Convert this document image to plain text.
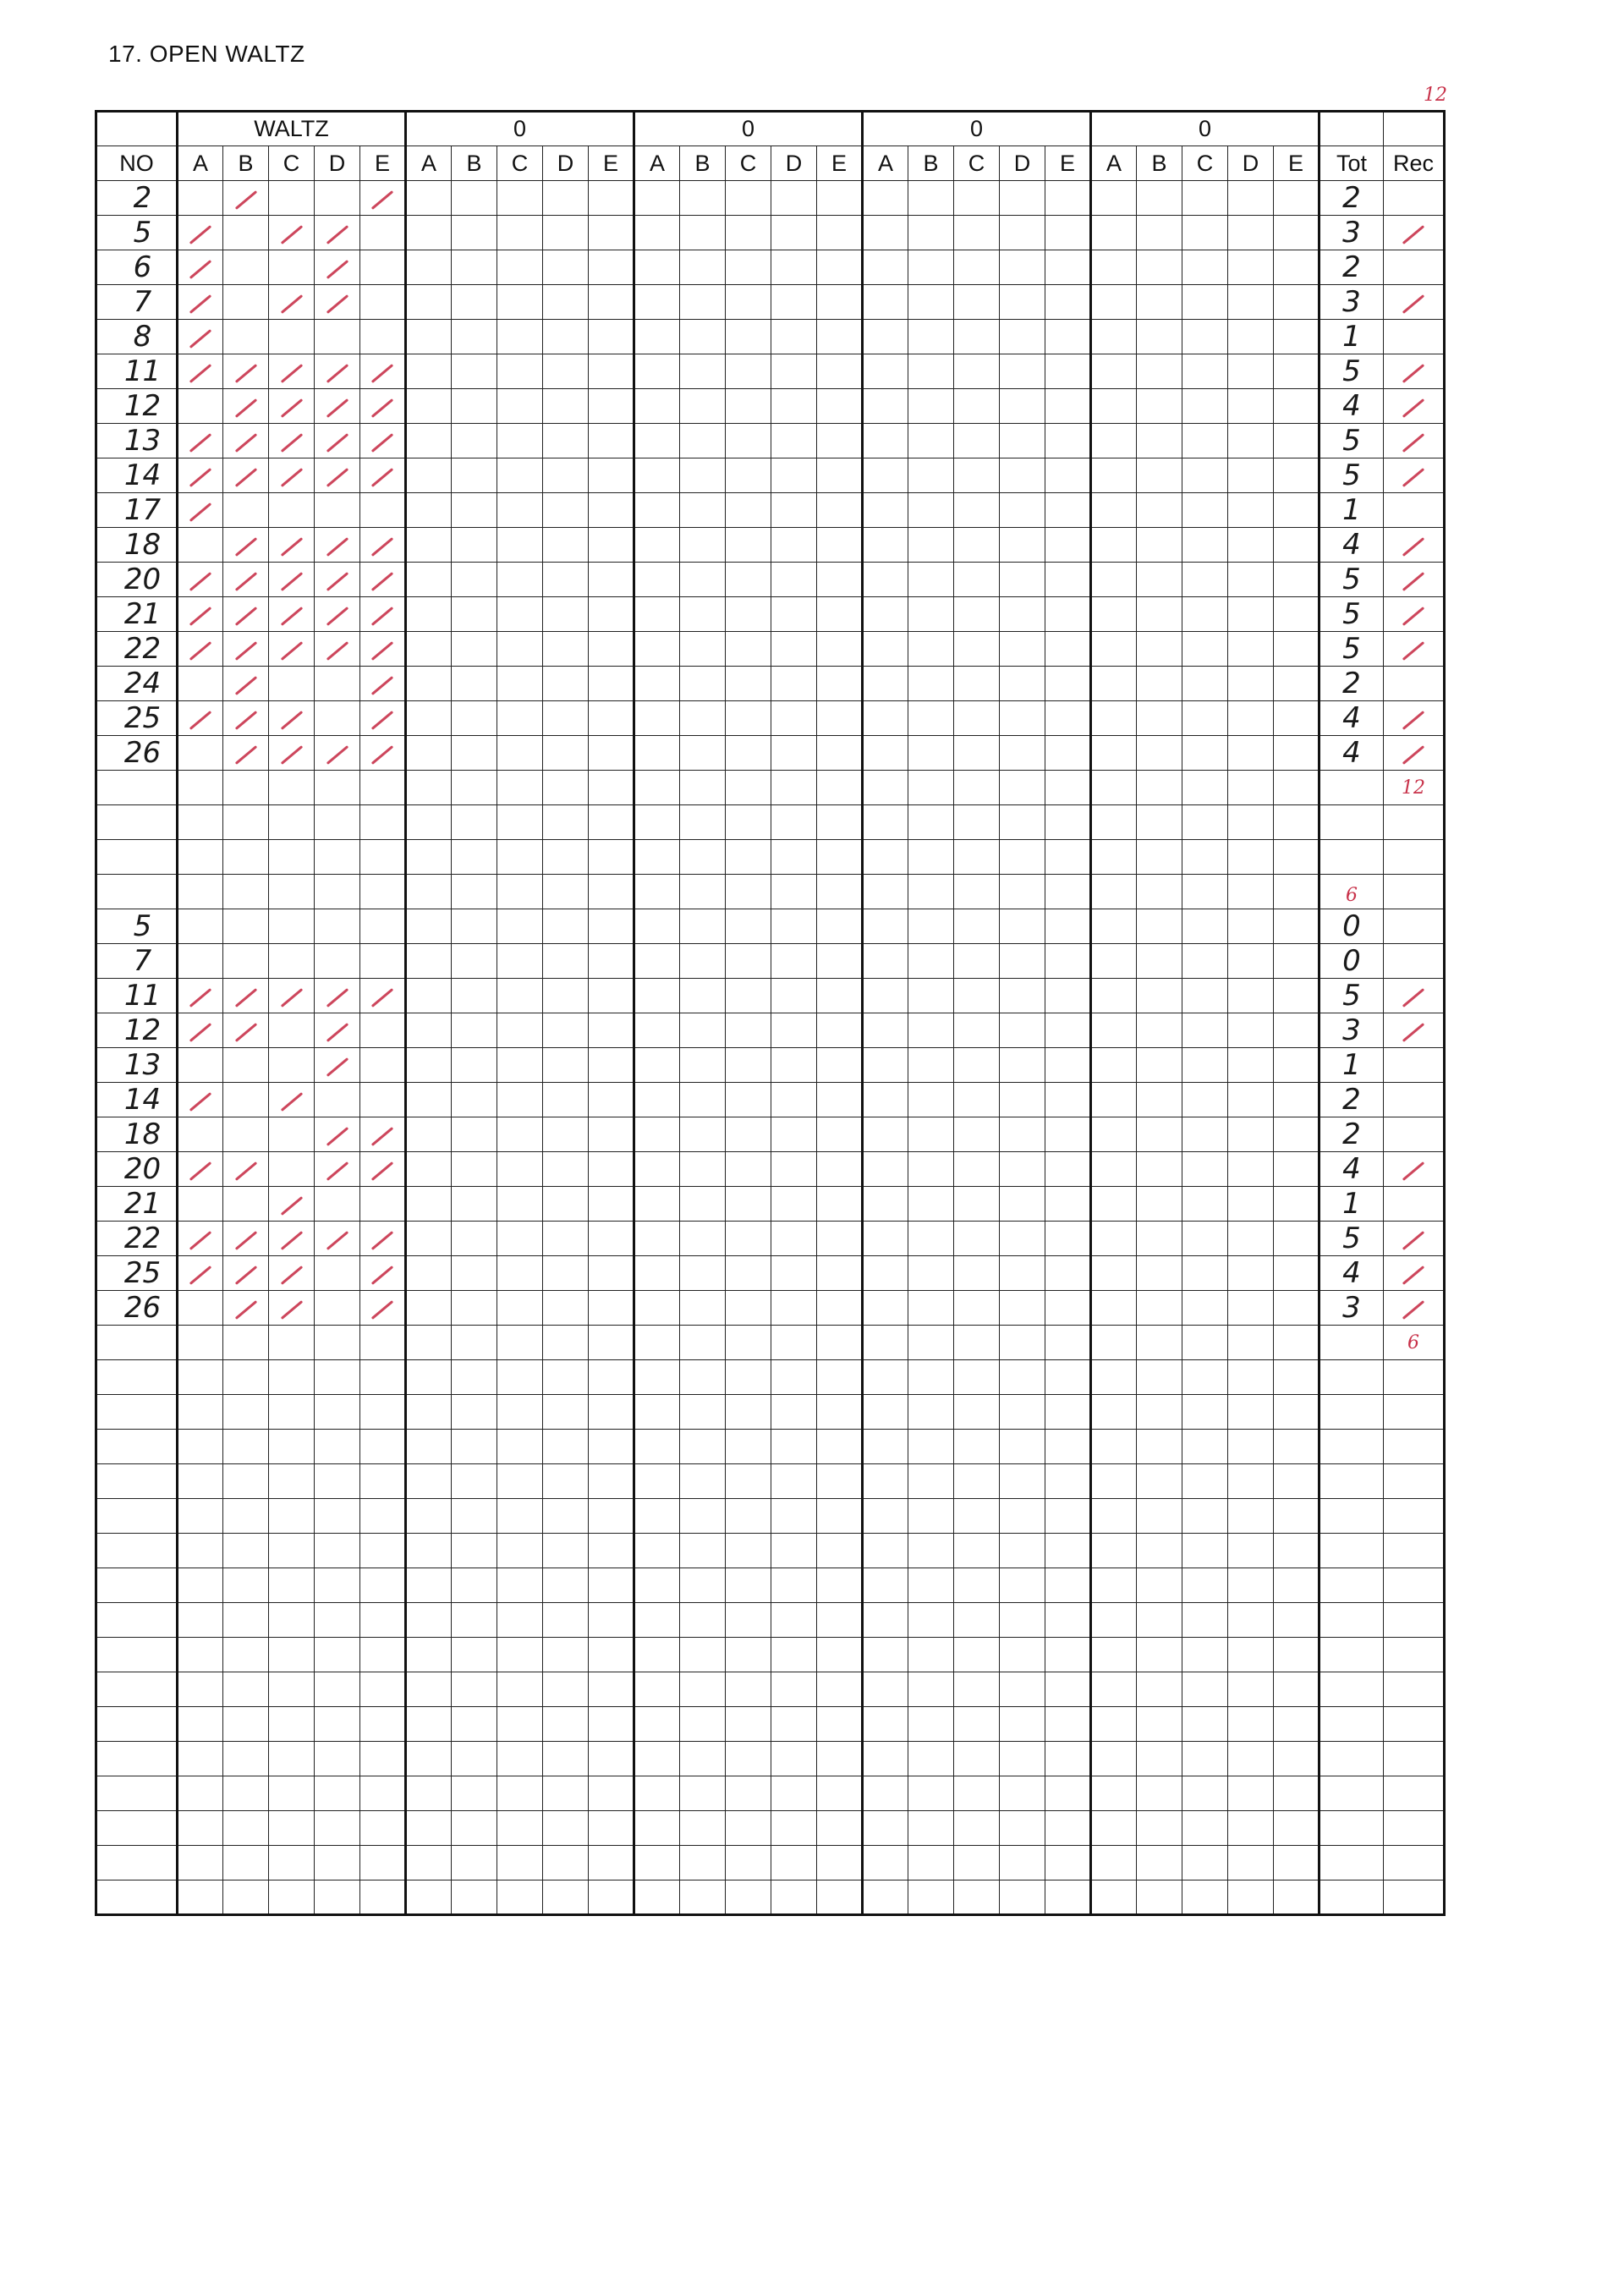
17. OPEN WALTZ
12
	WALTZ					0					0					0					0						
NO	A	B	C	D	E	A	B	C	D	E	A	B	C	D	E	A	B	C	D	E	A	B	C	D	E	Tot	Rec
2																										2	
5																										3	
6																										2	
7																										3	
8																										1	
11																										5	
12																										4	
13																										5	
14																										5	
17																										1	
18																										4	
20																										5	
21																										5	
22																										5	
24																										2	
25																										4	
26																										4	
																											12

																										6	
5																										0	
7																										0	
11																										5	
12																										3	
13																										1	
14																										2	
18																										2	
20																										4	
21																										1	
22																										5	
25																										4	
26																										3	
																											6
